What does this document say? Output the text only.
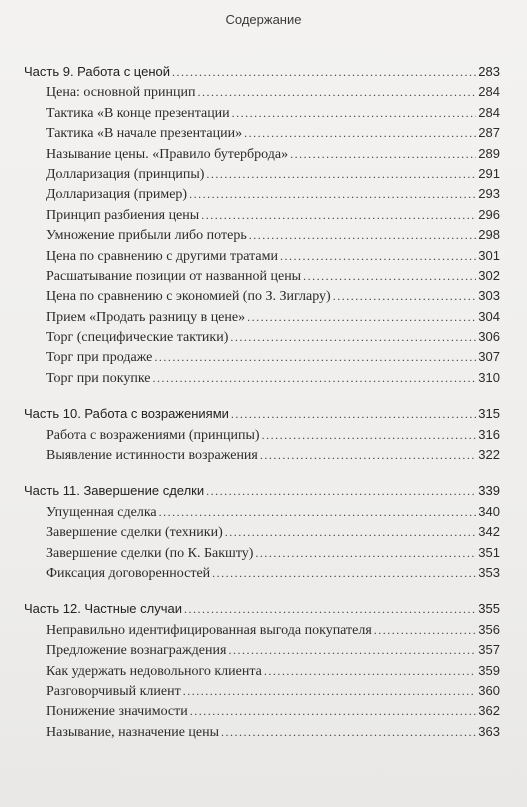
Содержание
Часть 9. Работа с ценой .....	283
Цена: основной принцип .....	284
Тактика «В конце презентации .....	284
Тактика «В начале презентации» .....	287
Называние цены. «Правило бутерброда» .....	289
Долларизация (принципы) .....	291
Долларизация (пример) .....	293
Принцип разбиения цены .....	296
Умножение прибыли либо потерь .....	298
Цена по сравнению с другими тратами .....	301
Расшатывание позиции от названной цены .....	302
Цена по сравнению с экономией (по З. Зиглару) .....	303
Прием «Продать разницу в цене» .....	304
Торг (специфические тактики) .....	306
Торг при продаже .....	307
Торг при покупке .....	310
Часть 10. Работа с возражениями .....	315
Работа с возражениями (принципы) .....	316
Выявление истинности возражения .....	322
Часть 11. Завершение сделки .....	339
Упущенная сделка .....	340
Завершение сделки (техники) .....	342
Завершение сделки (по К. Бакшту) .....	351
Фиксация договоренностей .....	353
Часть 12. Частные случаи .....	355
Неправильно идентифицированная выгода покупателя .....	356
Предложение вознаграждения .....	357
Как удержать недовольного клиента .....	359
Разговорчивый клиент .....	360
Понижение значимости .....	362
Называние, назначение цены .....	363
